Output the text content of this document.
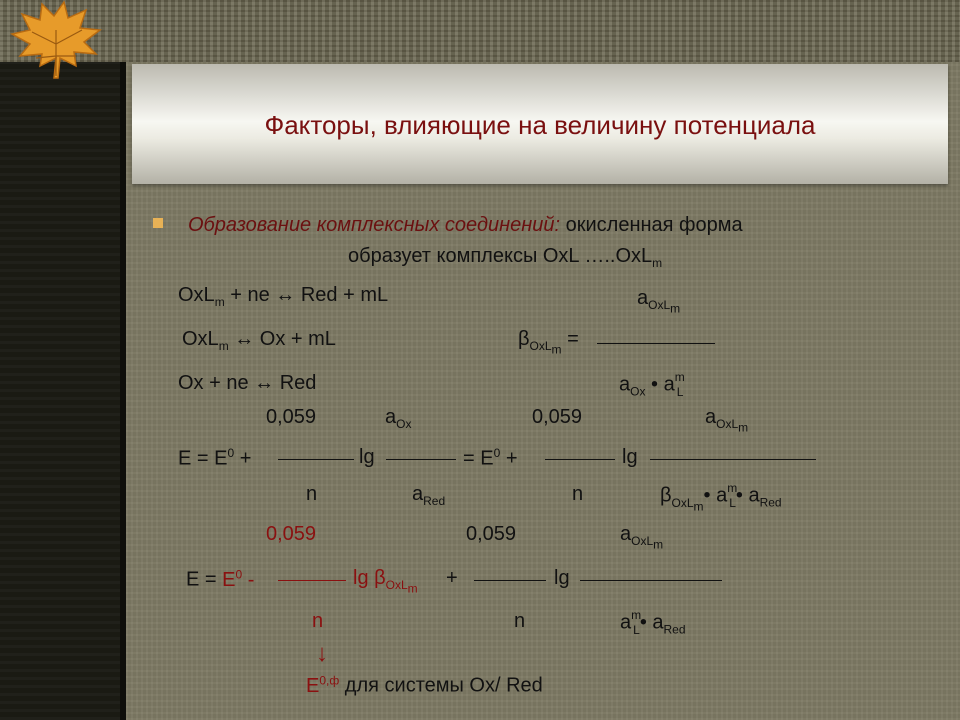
Факторы, влияющие на величину потенциала
Образование комплексных соединений: окисленная форма
образует комплексы OxL …..OxL$_m$
OxL$_m$ + ne ↔ Red + mL
OxL$_m$ ↔ Ox + mL
Ox + ne ↔ Red
$a_{OxL_m}$
$\beta_{OxL_m}$ =
$a_{Ox}$ • $a^m_L$
0,059	$a_{Ox}$	0,059	$a_{OxL_m}$
$E = E^0$ +	lg	= $E^0$ +	lg
n	$a_{Red}$	n	$\beta_{OxL_m}•$ $a^m_L•$ $a_{Red}$
0,059	0,059	$a_{OxL_m}$
$E = E^0$ -	$\lg \beta_{OxL_m}$ +	lg
n	n	$a^m_L•$ $a_{Red}$
↓
$E^{0,ф}$ для системы Ox/ Red
